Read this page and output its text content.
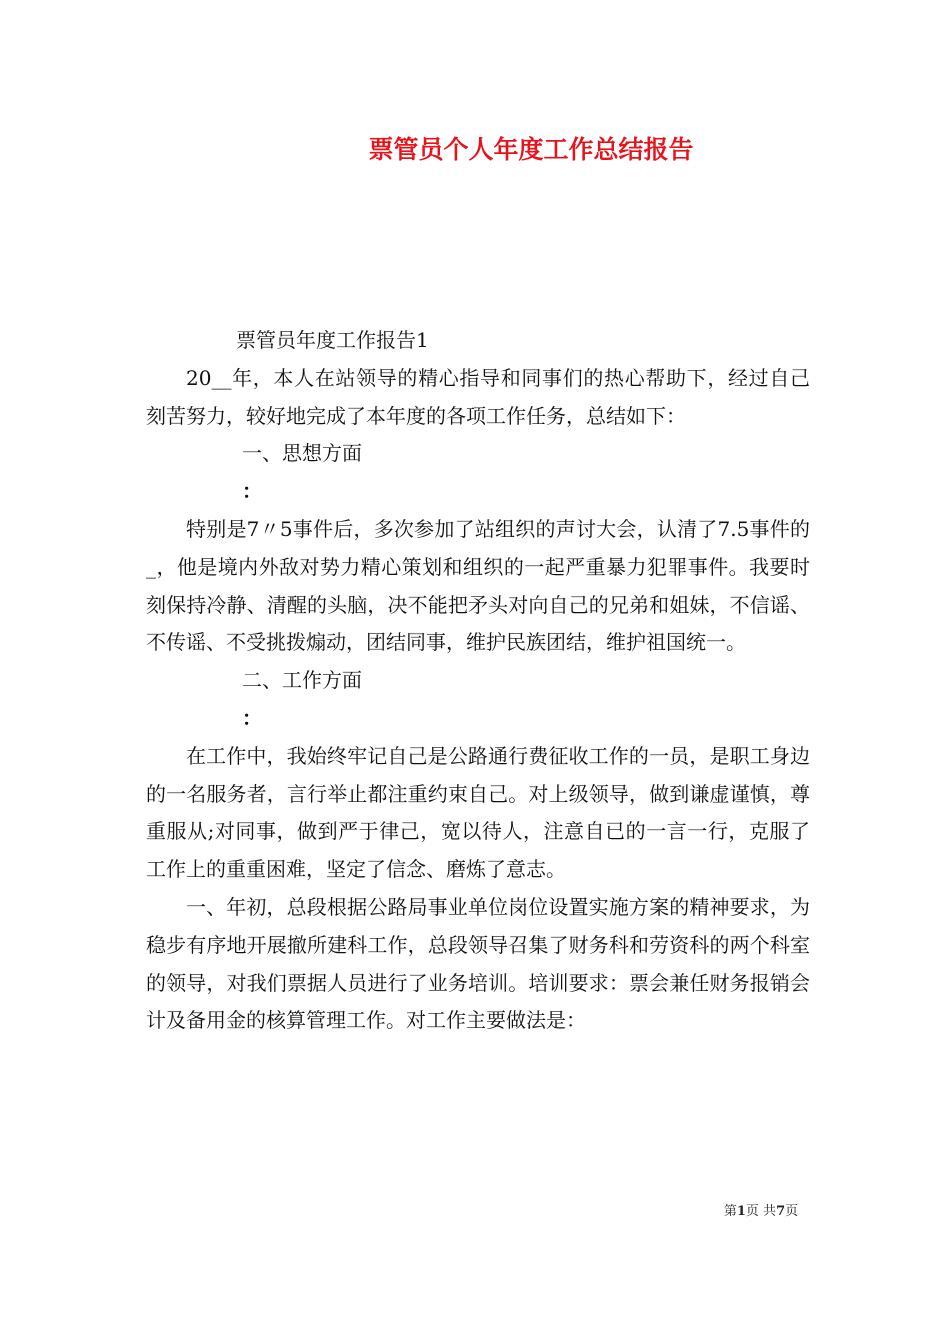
票管员个人年度工作总结报告

票管员年度工作报告1

20__年，本人在站领导的精心指导和同事们的热心帮助下，经过自己刻苦努力，较好地完成了本年度的各项工作任务，总结如下：

一、思想方面

：

特别是7〃5事件后，多次参加了站组织的声讨大会，认清了7.5事件的_，他是境内外敌对势力精心策划和组织的一起严重暴力犯罪事件。我要时刻保持冷静、清醒的头脑，决不能把矛头对向自己的兄弟和姐妹，不信谣、不传谣、不受挑拨煽动，团结同事，维护民族团结，维护祖国统一。

二、工作方面

：

在工作中，我始终牢记自己是公路通行费征收工作的一员，是职工身边的一名服务者，言行举止都注重约束自己。对上级领导，做到谦虚谨慎，尊重服从;对同事，做到严于律己，宽以待人，注意自已的一言一行，克服了工作上的重重困难，坚定了信念、磨炼了意志。

一、年初，总段根据公路局事业单位岗位设置实施方案的精神要求，为稳步有序地开展撤所建科工作，总段领导召集了财务科和劳资科的两个科室的领导，对我们票据人员进行了业务培训。培训要求：票会兼任财务报销会计及备用金的核算管理工作。对工作主要做法是：

第1页 共7页
